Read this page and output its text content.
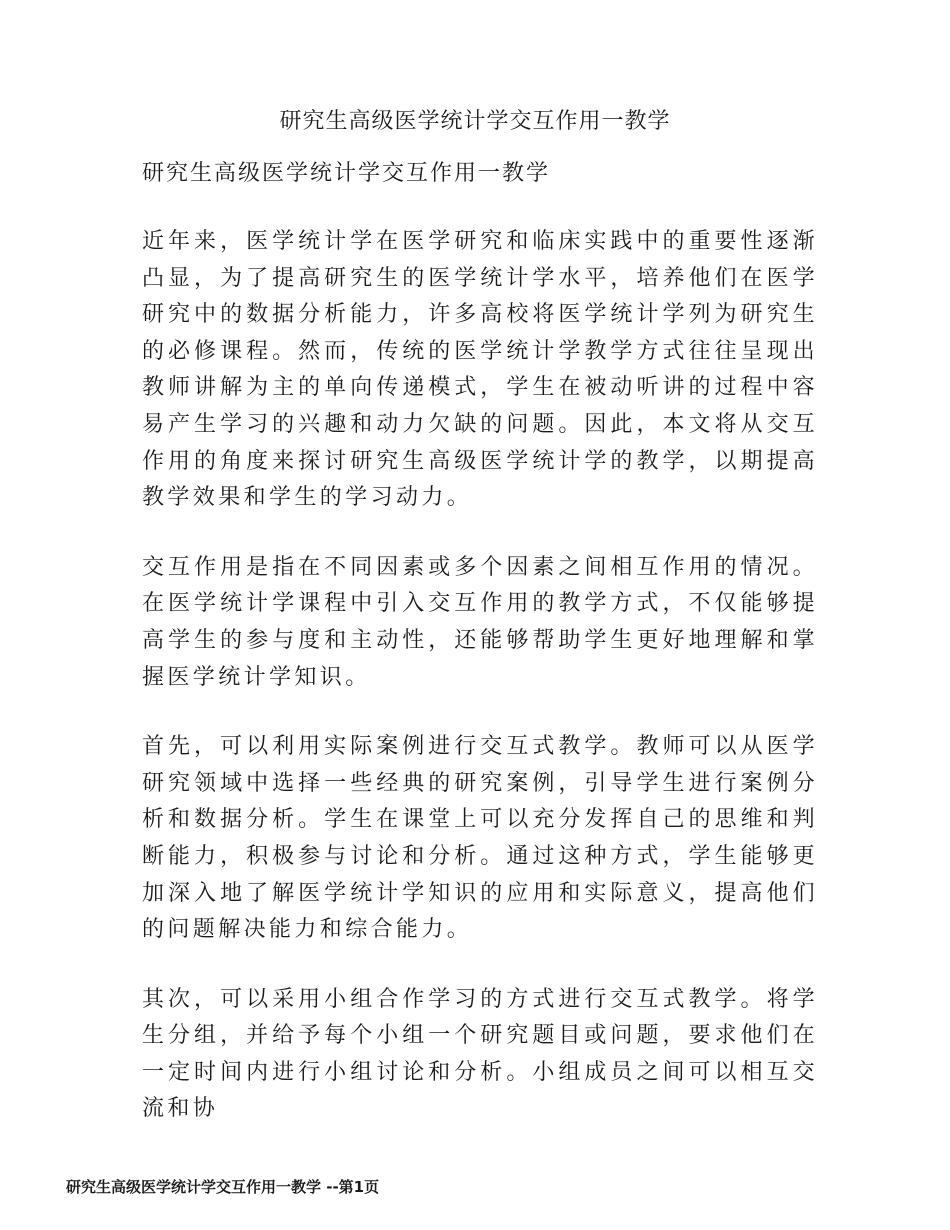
研究生高级医学统计学交互作用一教学
研究生高级医学统计学交互作用一教学

近年来，医学统计学在医学研究和临床实践中的重要性逐渐凸显，为了提高研究生的医学统计学水平，培养他们在医学研究中的数据分析能力，许多高校将医学统计学列为研究生的必修课程。然而，传统的医学统计学教学方式往往呈现出教师讲解为主的单向传递模式，学生在被动听讲的过程中容易产生学习的兴趣和动力欠缺的问题。因此，本文将从交互作用的角度来探讨研究生高级医学统计学的教学，以期提高教学效果和学生的学习动力。

交互作用是指在不同因素或多个因素之间相互作用的情况。在医学统计学课程中引入交互作用的教学方式，不仅能够提高学生的参与度和主动性，还能够帮助学生更好地理解和掌握医学统计学知识。

首先，可以利用实际案例进行交互式教学。教师可以从医学研究领域中选择一些经典的研究案例，引导学生进行案例分析和数据分析。学生在课堂上可以充分发挥自己的思维和判断能力，积极参与讨论和分析。通过这种方式，学生能够更加深入地了解医学统计学知识的应用和实际意义，提高他们的问题解决能力和综合能力。

其次，可以采用小组合作学习的方式进行交互式教学。将学生分组，并给予每个小组一个研究题目或问题，要求他们在一定时间内进行小组讨论和分析。小组成员之间可以相互交流和协

研究生高级医学统计学交互作用一教学 --第1页
